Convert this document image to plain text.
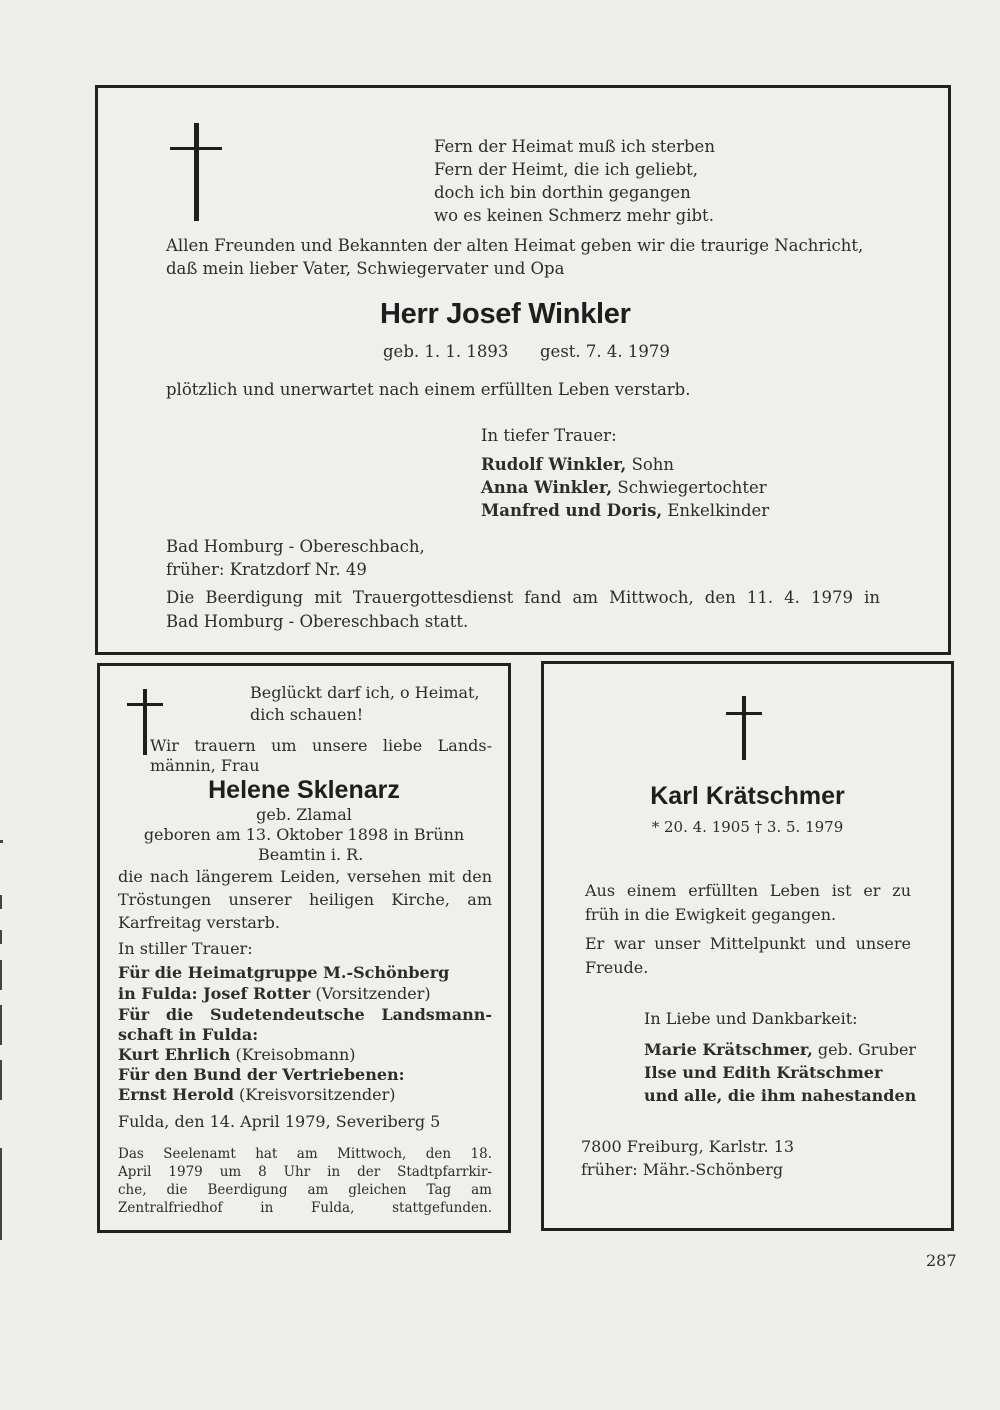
Fern der Heimat muß ich sterben
Fern der Heimt, die ich geliebt,
doch ich bin dorthin gegangen
wo es keinen Schmerz mehr gibt.
Allen Freunden und Bekannten der alten Heimat geben wir die traurige Nachricht,
daß mein lieber Vater, Schwiegervater und Opa
Herr Josef Winkler
geb. 1. 1. 1893 gest. 7. 4. 1979
plötzlich und unerwartet nach einem erfüllten Leben verstarb.
In tiefer Trauer:
Rudolf Winkler, Sohn
Anna Winkler, Schwiegertochter
Manfred und Doris, Enkelkinder
Bad Homburg - Obereschbach,
früher: Kratzdorf Nr. 49
Die Beerdigung mit Trauergottesdienst fand am Mittwoch, den 11. 4. 1979 in
Bad Homburg - Obereschbach statt.
Beglückt darf ich, o Heimat,
dich schauen!
Wir trauern um unsere liebe Lands-
männin, Frau
Helene Sklenarz
geb. Zlamal
geboren am 13. Oktober 1898 in Brünn
Beamtin i. R.
die nach längerem Leiden, versehen mit den
Tröstungen unserer heiligen Kirche, am
Karfreitag verstarb.
In stiller Trauer:
Für die Heimatgruppe M.-Schönberg
in Fulda: Josef Rotter (Vorsitzender)
Für die Sudetendeutsche Landsmann-
schaft in Fulda:
Kurt Ehrlich (Kreisobmann)
Für den Bund der Vertriebenen:
Ernst Herold (Kreisvorsitzender)
Fulda, den 14. April 1979, Severiberg 5
Das Seelenamt hat am Mittwoch, den 18.
April 1979 um 8 Uhr in der Stadtpfarrkir-
che, die Beerdigung am gleichen Tag am
Zentralfriedhof in Fulda, stattgefunden.
Karl Krätschmer
* 20. 4. 1905 † 3. 5. 1979
Aus einem erfüllten Leben ist er zu
früh in die Ewigkeit gegangen.
Er war unser Mittelpunkt und unsere
Freude.
In Liebe und Dankbarkeit:
Marie Krätschmer, geb. Gruber
Ilse und Edith Krätschmer
und alle, die ihm nahestanden
7800 Freiburg, Karlstr. 13
früher: Mähr.-Schönberg
287
